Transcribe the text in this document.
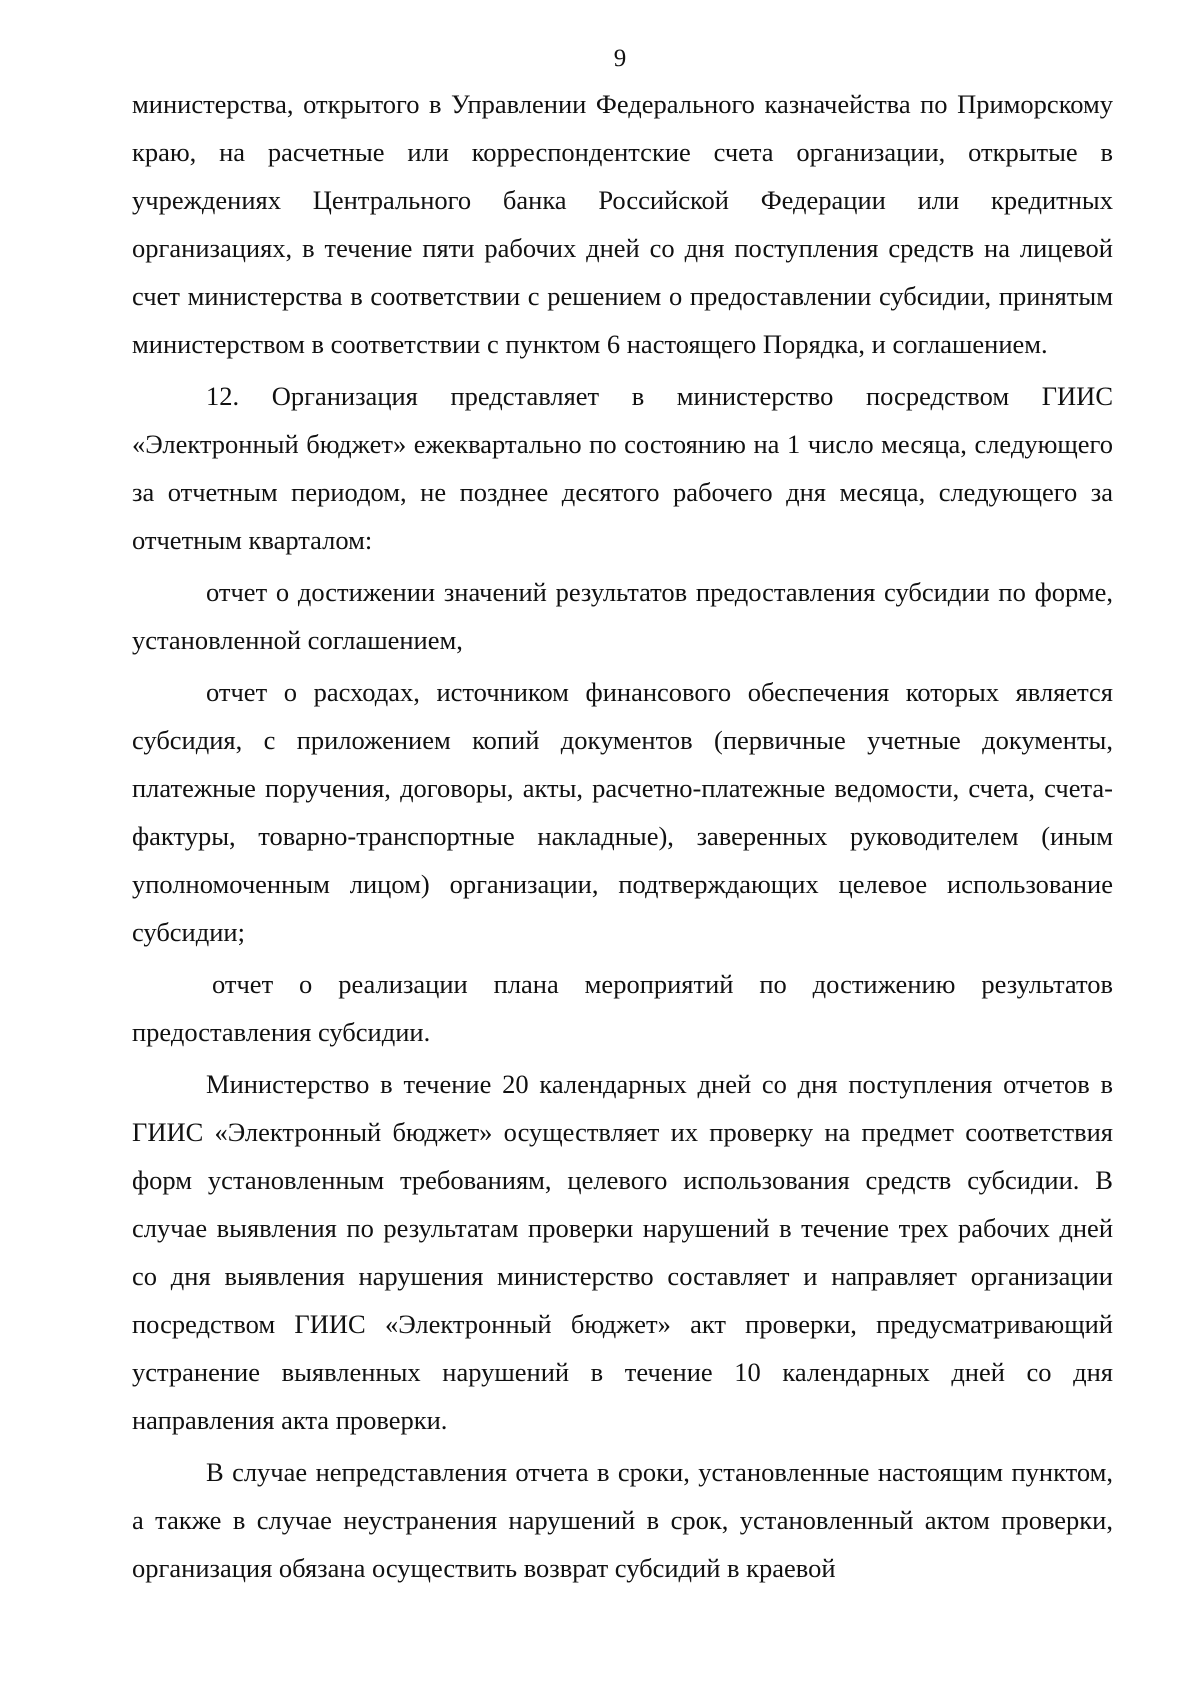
9

министерства, открытого в Управлении Федерального казначейства по Приморскому краю, на расчетные или корреспондентские счета организации, открытые в учреждениях Центрального банка Российской Федерации или кредитных организациях, в течение пяти рабочих дней со дня поступления средств на лицевой счет министерства в соответствии с решением о предоставлении субсидии, принятым министерством в соответствии с пунктом 6 настоящего Порядка, и соглашением.

12. Организация представляет в министерство посредством ГИИС «Электронный бюджет» ежеквартально по состоянию на 1 число месяца, следующего за отчетным периодом, не позднее десятого рабочего дня месяца, следующего за отчетным кварталом:

отчет о достижении значений результатов предоставления субсидии по форме, установленной соглашением,

отчет о расходах, источником финансового обеспечения которых является субсидия, с приложением копий документов (первичные учетные документы, платежные поручения, договоры, акты, расчетно-платежные ведомости, счета, счета-фактуры, товарно-транспортные накладные), заверенных руководителем (иным уполномоченным лицом) организации, подтверждающих целевое использование субсидии;

отчет о реализации плана мероприятий по достижению результатов предоставления субсидии.

Министерство в течение 20 календарных дней со дня поступления отчетов в ГИИС «Электронный бюджет» осуществляет их проверку на предмет соответствия форм установленным требованиям, целевого использования средств субсидии. В случае выявления по результатам проверки нарушений в течение трех рабочих дней со дня выявления нарушения министерство составляет и направляет организации посредством ГИИС «Электронный бюджет» акт проверки, предусматривающий устранение выявленных нарушений в течение 10 календарных дней со дня направления акта проверки.

В случае непредставления отчета в сроки, установленные настоящим пунктом, а также в случае неустранения нарушений в срок, установленный актом проверки, организация обязана осуществить возврат субсидий в краевой
